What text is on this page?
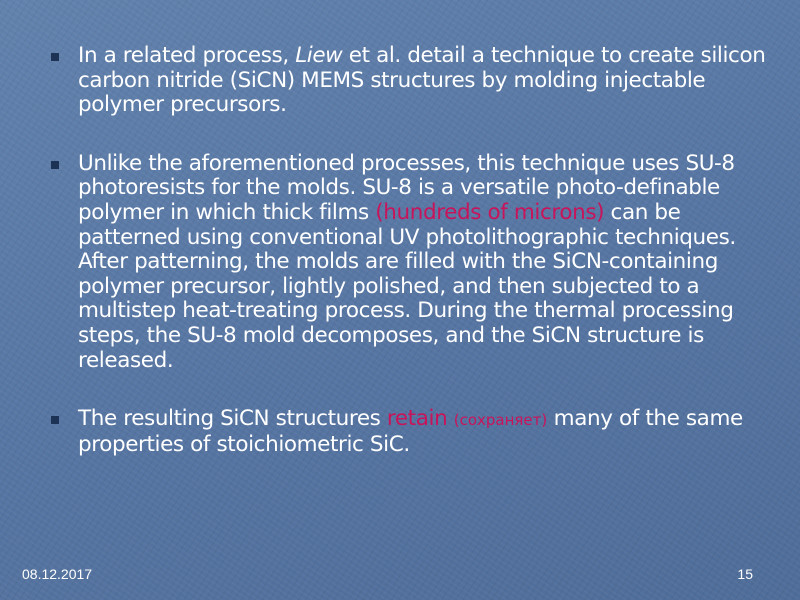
In a related process, Liew et al. detail a technique to create silicon carbon nitride (SiCN) MEMS structures by molding injectable polymer precursors.
Unlike the aforementioned processes, this technique uses SU-8 photoresists for the molds. SU-8 is a versatile photo-definable polymer in which thick films (hundreds of microns) can be patterned using conventional UV photolithographic techniques. After patterning, the molds are filled with the SiCN-containing polymer precursor, lightly polished, and then subjected to a multistep heat-treating process. During the thermal processing steps, the SU-8 mold decomposes, and the SiCN structure is released.
The resulting SiCN structures retain (сохраняет) many of the same properties of stoichiometric SiC.
08.12.2017	15
